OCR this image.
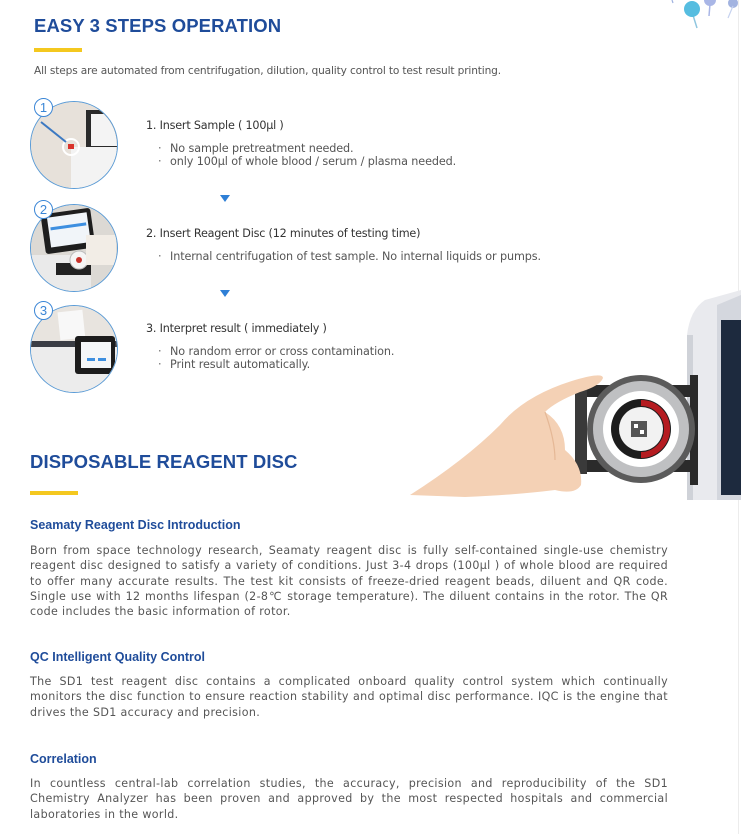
EASY 3 STEPS OPERATION
All steps are automated from centrifugation, dilution, quality control to test result printing.
1
1. Insert Sample ( 100μl )
· No sample pretreatment needed.
· only 100μl of whole blood / serum / plasma needed.
2
2. Insert Reagent Disc (12 minutes of testing time)
· Internal centrifugation of test sample. No internal liquids or pumps.
3
3. Interpret result ( immediately )
· No random error or cross contamination.
· Print result automatically.
DISPOSABLE REAGENT DISC
Seamaty Reagent Disc Introduction

Born from space technology research, Seamaty reagent disc is fully self-contained single-use chemistry reagent disc designed to satisfy a variety of conditions. Just 3-4 drops (100μl ) of whole blood are required to offer many accurate results. The test kit consists of freeze-dried reagent beads, diluent and QR code. Single use with 12 months lifespan (2-8℃ storage temperature). The diluent contains in the rotor. The QR code includes the basic information of rotor.

QC Intelligent Quality Control

The SD1 test reagent disc contains a complicated onboard quality control system which continually monitors the disc function to ensure reaction stability and optimal disc performance. IQC is the engine that drives the SD1 accuracy and precision.

Correlation

In countless central-lab correlation studies, the accuracy, precision and reproducibility of the SD1 Chemistry Analyzer has been proven and approved by the most respected hospitals and commercial laboratories in the world.
